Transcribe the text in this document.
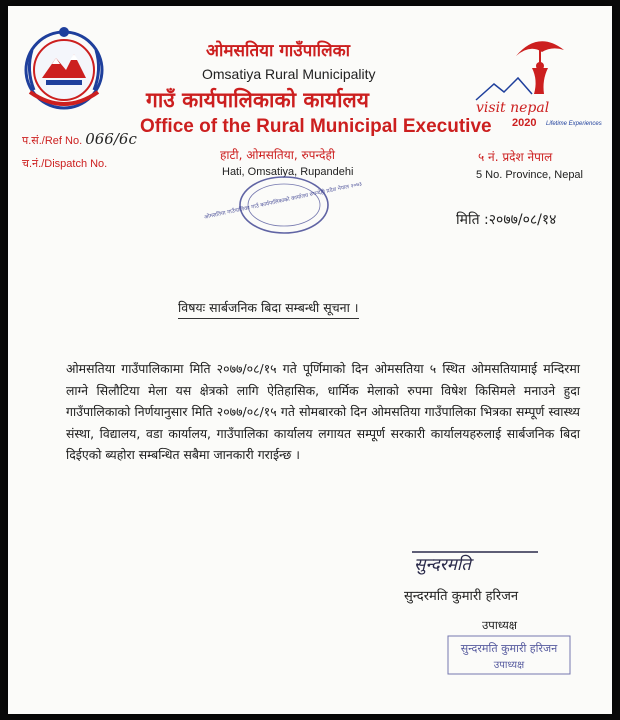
ओमसतिया गाउँपालिका
Omsatiya Rural Municipality
गाउँ कार्यपालिकाको कार्यालय
Office of the Rural Municipal Executive
हाटी, ओमसतिया, रुपन्देही
Hati, Omsatiya, Rupandehi
प.सं./Ref No. 066/6c
च.नं./Dispatch No.
visit nepal
2020 Lifetime Experiences
५ नं. प्रदेश नेपाल
5 No. Province, Nepal
ओमसतिया गाउँपालिका गाउँ कार्यपालिकाको कार्यालय रुपन्देही प्रदेश नेपाल २०७३	मिति :२०७७/०८/१४
विषयः सार्बजनिक बिदा सम्बन्धी सूचना ।
ओमसतिया गाउँपालिकामा मिति २०७७/०८/१५ गते पूर्णिमाको दिन ओमसतिया ५ स्थित ओमसतियामाई मन्दिरमा लाग्ने सिलौटिया मेला यस क्षेत्रको लागि ऐतिहासिक, धार्मिक मेलाको रुपमा विषेश किसिमले मनाउने हुदा गाउँपालिकाको निर्णयानुसार मिति २०७७/०८/१५ गते सोमबारको दिन ओमसतिया गाउँपालिका भित्रका सम्पूर्ण स्वास्थ्य संस्था, विद्यालय, वडा कार्यालय, गाउँपालिका कार्यालय लगायत सम्पूर्ण सरकारी कार्यालयहरुलाई सार्बजनिक बिदा दिईएको ब्यहोरा सम्बन्धित सबैमा जानकारी गराईन्छ ।
सुन्दरमति
सुन्दरमति कुमारी हरिजन
उपाध्यक्ष
सुन्दरमति कुमारी हरिजन
उपाध्यक्ष
